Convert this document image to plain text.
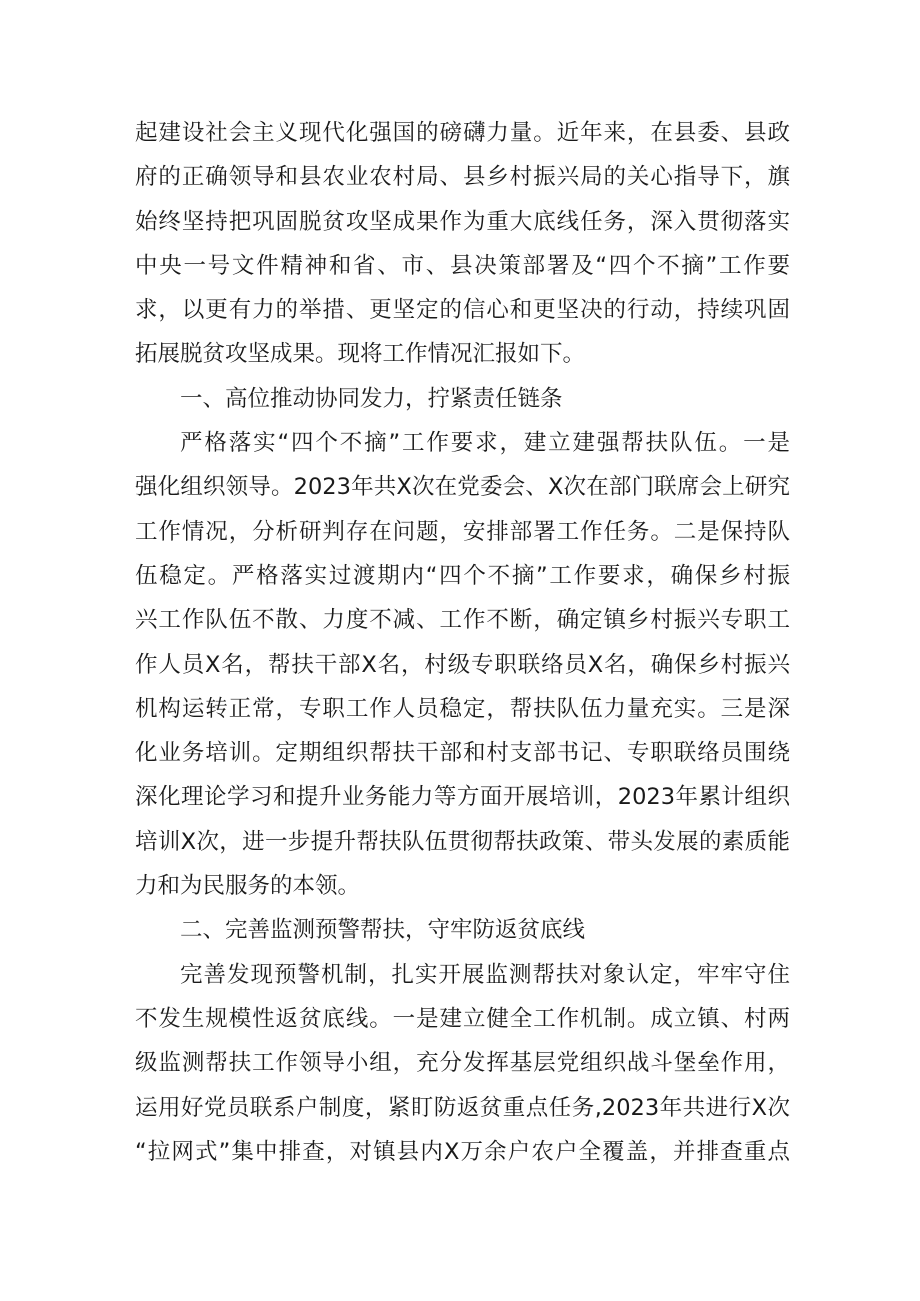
起建设社会主义现代化强国的磅礴力量。近年来，在县委、县政
府的正确领导和县农业农村局、县乡村振兴局的关心指导下，旗
始终坚持把巩固脱贫攻坚成果作为重大底线任务，深入贯彻落实
中央一号文件精神和省、市、县决策部署及“四个不摘”工作要
求，以更有力的举措、更坚定的信心和更坚决的行动，持续巩固
拓展脱贫攻坚成果。现将工作情况汇报如下。
一、高位推动协同发力，拧紧责任链条
严格落实“四个不摘”工作要求，建立建强帮扶队伍。一是
强化组织领导。2023年共X次在党委会、X次在部门联席会上研究
工作情况，分析研判存在问题，安排部署工作任务。二是保持队
伍稳定。严格落实过渡期内“四个不摘”工作要求，确保乡村振
兴工作队伍不散、力度不减、工作不断，确定镇乡村振兴专职工
作人员X名，帮扶干部X名，村级专职联络员X名，确保乡村振兴
机构运转正常，专职工作人员稳定，帮扶队伍力量充实。三是深
化业务培训。定期组织帮扶干部和村支部书记、专职联络员围绕
深化理论学习和提升业务能力等方面开展培训，2023年累计组织
培训X次，进一步提升帮扶队伍贯彻帮扶政策、带头发展的素质能
力和为民服务的本领。
二、完善监测预警帮扶，守牢防返贫底线
完善发现预警机制，扎实开展监测帮扶对象认定，牢牢守住
不发生规模性返贫底线。一是建立健全工作机制。成立镇、村两
级监测帮扶工作领导小组，充分发挥基层党组织战斗堡垒作用，
运用好党员联系户制度，紧盯防返贫重点任务,2023年共进行X次
“拉网式”集中排查，对镇县内X万余户农户全覆盖，并排查重点
